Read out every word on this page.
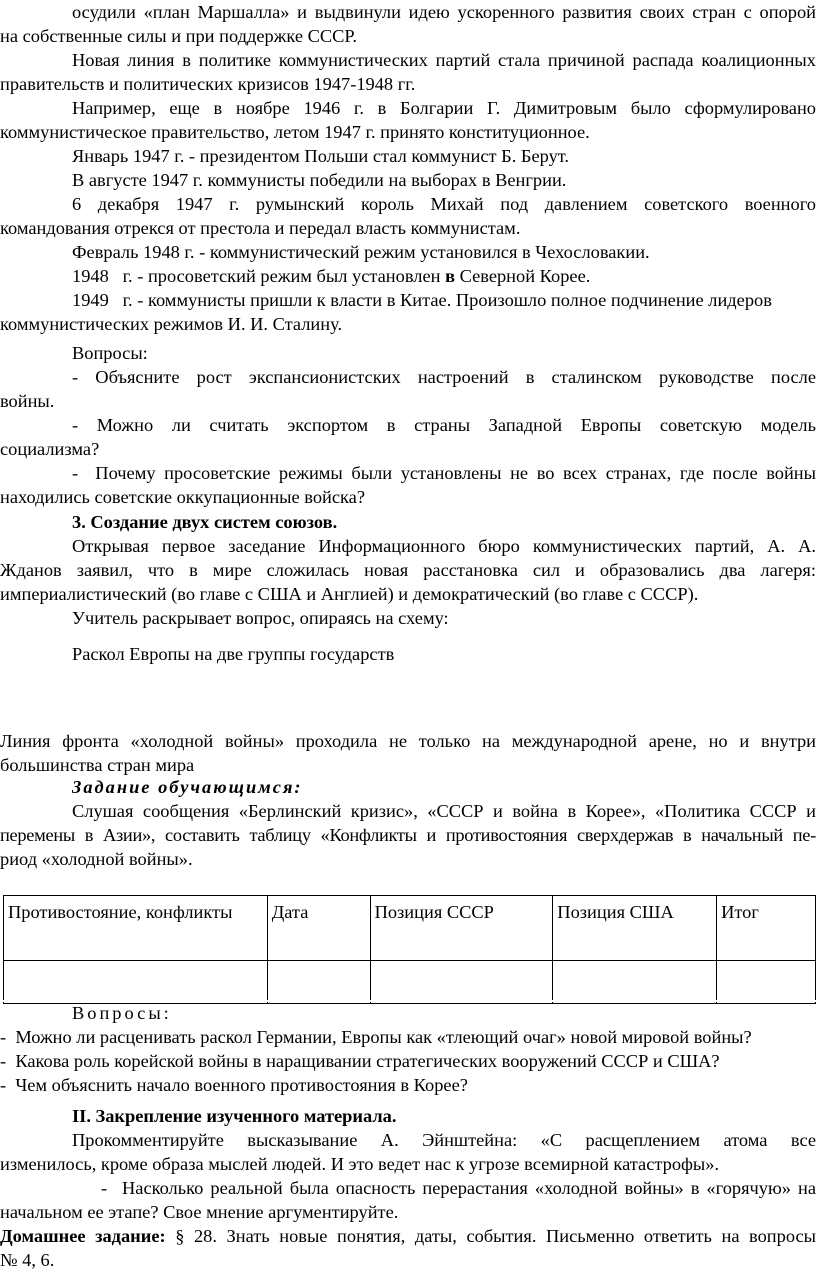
осудили «план Маршалла» и выдвинули идею ускоренного развития своих стран с опорой
на собственные силы и при поддержке СССР.
Новая линия в политике коммунистических партий стала причиной распада коалиционных
правительств и политических кризисов 1947-1948 гг.
Например, еще в ноябре 1946 г. в Болгарии Г. Димитровым было сформулировано
коммунистическое правительство, летом 1947 г. принято конституционное.
Январь 1947 г. - президентом Польши стал коммунист Б. Берут.
В августе 1947 г. коммунисты победили на выборах в Венгрии.
6 декабря 1947 г. румынский король Михай под давлением советского военного
командования отрекся от престола и передал власть коммунистам.
Февраль 1948 г. - коммунистический режим установился в Чехословакии.
1948   г. - просоветский режим был установлен в Северной Корее.
1949   г. - коммунисты пришли к власти в Китае. Произошло полное подчинение лидеров
коммунистических режимов И. И. Сталину.
Вопросы:
- Объясните рост экспансионистских настроений в сталинском руководстве после
войны.
- Можно ли считать экспортом в страны Западной Европы советскую модель
социализма?
-  Почему просоветские режимы были установлены не во всех странах, где после войны
находились советские оккупационные войска?
3. Создание двух систем союзов.
Открывая первое заседание Информационного бюро коммунистических партий, А. А.
Жданов заявил, что в мире сложилась новая расстановка сил и образовались два лагеря:
империалистический (во главе с США и Англией) и демократический (во главе с СССР).
Учитель раскрывает вопрос, опираясь на схему:
Раскол Европы на две группы государств
Линия фронта «холодной войны» проходила не только на международной арене, но и внутри
большинства стран мира
Задание обучающимся:
Слушая сообщения «Берлинский кризис», «СССР и война в Корее», «Политика СССР и
перемены в Азии», составить таблицу «Конфликты и противостояния сверхдержав в начальный пе-
риод «холодной войны».
Противостояние, конфликты	Дата	Позиция СССР	Позиция США	Итог

Вопросы:
-  Можно ли расценивать раскол Германии, Европы как «тлеющий очаг» новой мировой войны?
-  Какова роль корейской войны в наращивании стратегических вооружений СССР и США?
-  Чем объяснить начало военного противостояния в Корее?
II. Закрепление изученного материала.
Прокомментируйте высказывание А. Эйнштейна: «С расщеплением атома все
изменилось, кроме образа мыслей людей. И это ведет нас к угрозе всемирной катастрофы».
- Насколько реальной была опасность перерастания «холодной войны» в «горячую» на
начальном ее этапе? Свое мнение аргументируйте.
Домашнее задание: § 28. Знать новые понятия, даты, события. Письменно ответить на вопросы
№ 4, 6.
